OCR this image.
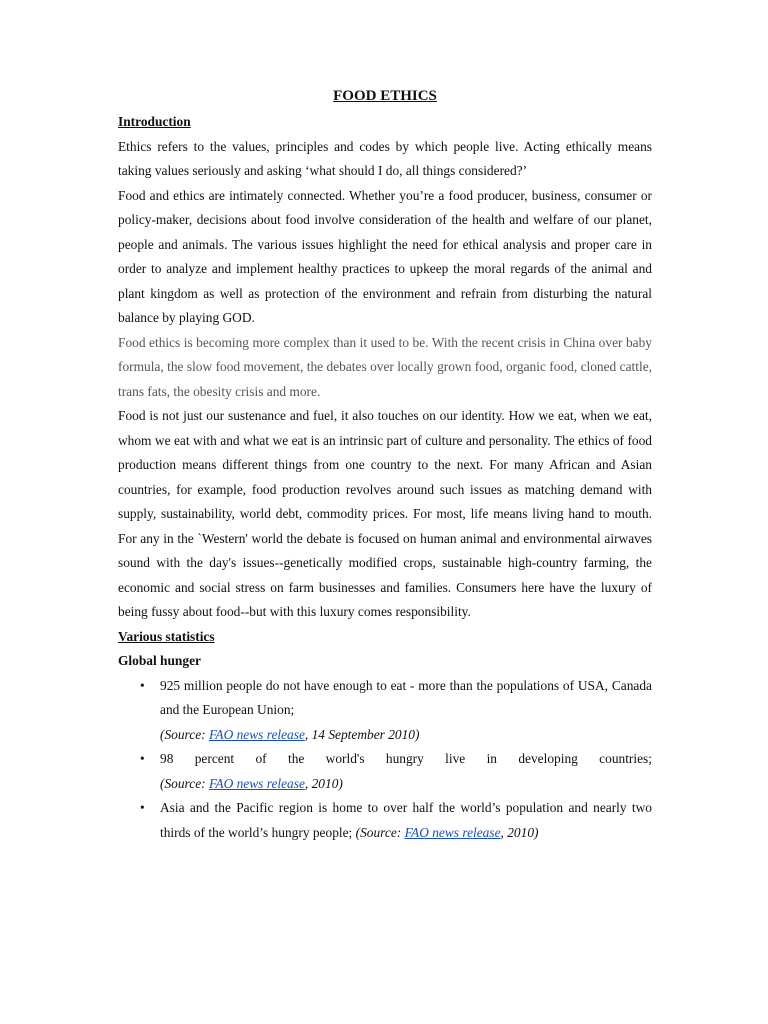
FOOD ETHICS
Introduction

Ethics refers to the values, principles and codes by which people live. Acting ethically means taking values seriously and asking ‘what should I do, all things considered?’

Food and ethics are intimately connected. Whether you’re a food producer, business, consumer or policy-maker, decisions about food involve consideration of the health and welfare of our planet, people and animals. The various issues highlight the need for ethical analysis and proper care in order to analyze and implement healthy practices to upkeep the moral regards of the animal and plant kingdom as well as protection of the environment and refrain from disturbing the natural balance by playing GOD.

Food ethics is becoming more complex than it used to be. With the recent crisis in China over baby formula, the slow food movement, the debates over locally grown food, organic food, cloned cattle, trans fats, the obesity crisis and more.

Food is not just our sustenance and fuel, it also touches on our identity. How we eat, when we eat, whom we eat with and what we eat is an intrinsic part of culture and personality. The ethics of food production means different things from one country to the next. For many African and Asian countries, for example, food production revolves around such issues as matching demand with supply, sustainability, world debt, commodity prices. For most, life means living hand to mouth. For any in the `Western' world the debate is focused on human animal and environmental airwaves sound with the day's issues--genetically modified crops, sustainable high-country farming, the economic and social stress on farm businesses and families. Consumers here have the luxury of being fussy about food--but with this luxury comes responsibility.

Various statistics
Global hunger
• 925 million people do not have enough to eat - more than the populations of USA, Canada and the European Union;
(Source: FAO news release, 14 September 2010)
• 98 percent of the world's hungry live in developing countries;
(Source: FAO news release, 2010)
• Asia and the Pacific region is home to over half the world’s population and nearly two thirds of the world’s hungry people; (Source: FAO news release, 2010)
